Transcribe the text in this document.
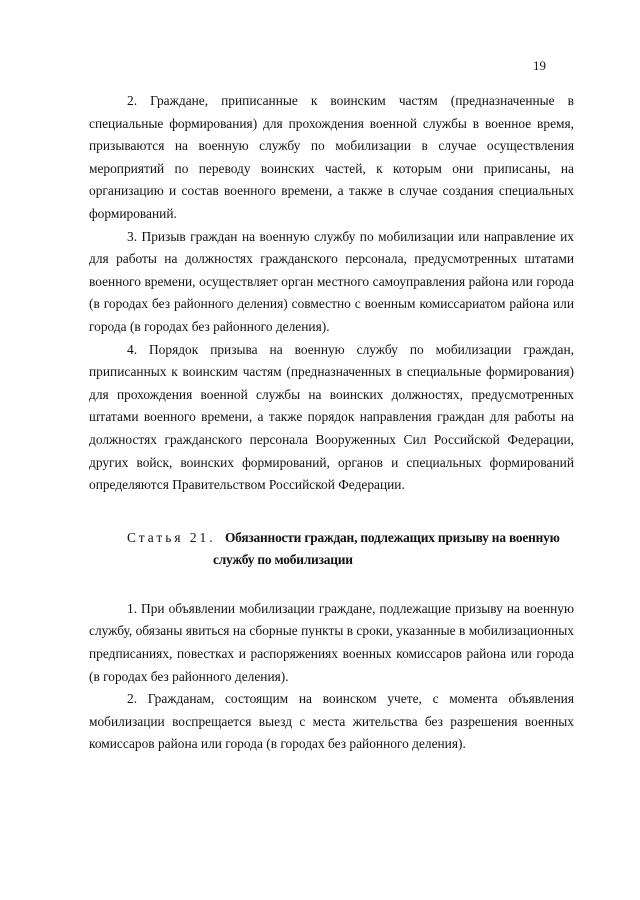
19

2. Граждане, приписанные к воинским частям (предназначенные в специальные формирования) для прохождения военной службы в военное время, призываются на военную службу по мобилизации в случае осуществления мероприятий по переводу воинских частей, к которым они приписаны, на организацию и состав военного времени, а также в случае создания специальных формирований.

3. Призыв граждан на военную службу по мобилизации или направление их для работы на должностях гражданского персонала, предусмотренных штатами военного времени, осуществляет орган местного самоуправления района или города (в городах без районного деления) совместно с военным комиссариатом района или города (в городах без районного деления).

4. Порядок призыва на военную службу по мобилизации граждан, приписанных к воинским частям (предназначенных в специальные формирования) для прохождения военной службы на воинских должностях, предусмотренных штатами военного времени, а также порядок направления граждан для работы на должностях гражданского персонала Вооруженных Сил Российской Федерации, других войск, воинских формирований, органов и специальных формирований определяются Правительством Российской Федерации.

Статья 21. Обязанности граждан, подлежащих призыву на военную
службу по мобилизации

1. При объявлении мобилизации граждане, подлежащие призыву на военную службу, обязаны явиться на сборные пункты в сроки, указанные в мобилизационных предписаниях, повестках и распоряжениях военных комиссаров района или города (в городах без районного деления).

2. Гражданам, состоящим на воинском учете, с момента объявления мобилизации воспрещается выезд с места жительства без разрешения военных комиссаров района или города (в городах без районного деления).
